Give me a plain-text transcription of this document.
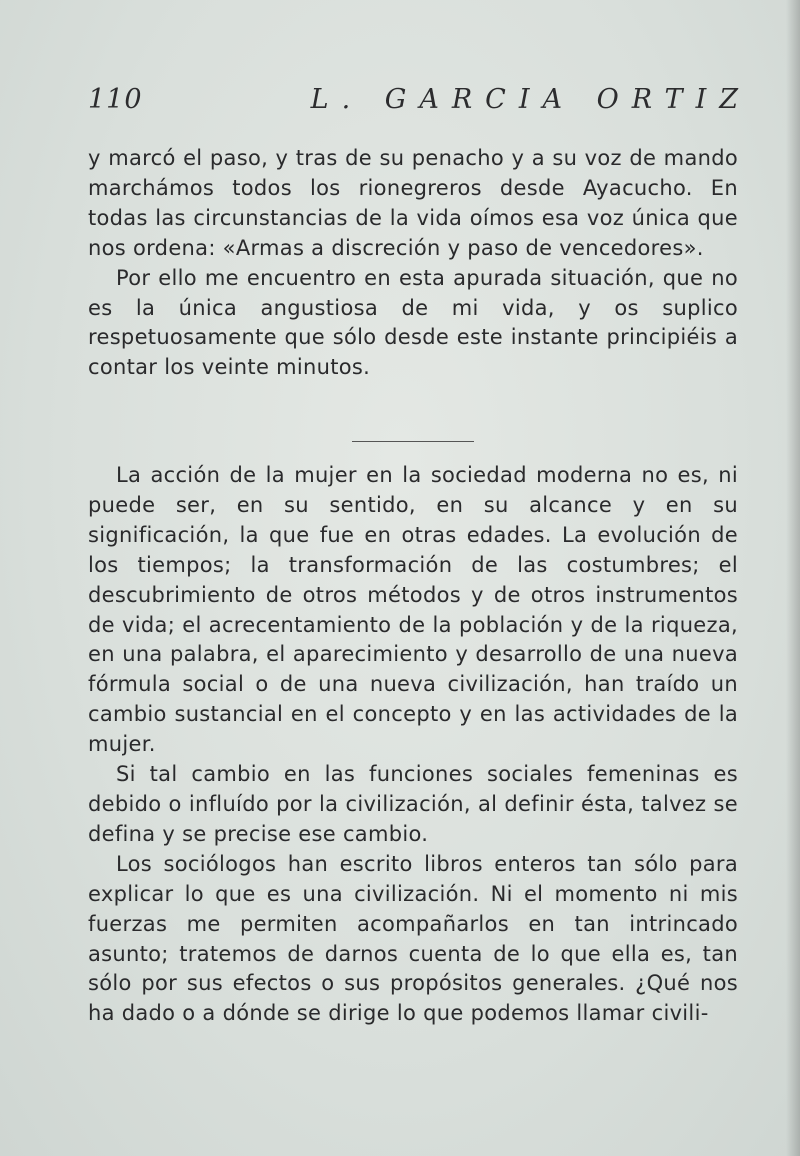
110	L. GARCIA ORTIZ

y marcó el paso, y tras de su penacho y a su voz de mando marchámos todos los rionegreros desde Ayacucho. En todas las circunstancias de la vida oímos esa voz única que nos ordena: «Armas a discreción y paso de vencedores».

Por ello me encuentro en esta apurada situación, que no es la única angustiosa de mi vida, y os suplico respetuosamente que sólo desde este instante principiéis a contar los veinte minutos.

La acción de la mujer en la sociedad moderna no es, ni puede ser, en su sentido, en su alcance y en su significación, la que fue en otras edades. La evolución de los tiempos; la transformación de las costumbres; el descubrimiento de otros métodos y de otros instrumentos de vida; el acrecentamiento de la población y de la riqueza, en una palabra, el aparecimiento y desarrollo de una nueva fórmula social o de una nueva civilización, han traído un cambio sustancial en el concepto y en las actividades de la mujer.

Si tal cambio en las funciones sociales femeninas es debido o influído por la civilización, al definir ésta, talvez se defina y se precise ese cambio.

Los sociólogos han escrito libros enteros tan sólo para explicar lo que es una civilización. Ni el momento ni mis fuerzas me permiten acompañarlos en tan intrincado asunto; tratemos de darnos cuenta de lo que ella es, tan sólo por sus efectos o sus propósitos generales. ¿Qué nos ha dado o a dónde se dirige lo que podemos llamar civili-
